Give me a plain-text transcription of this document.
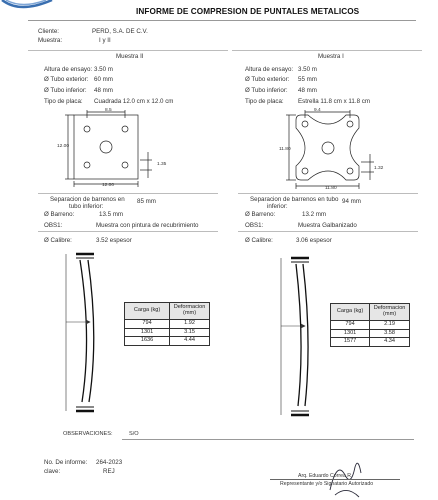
INFORME DE COMPRESION DE PUNTALES METALICOS
Cliente:	PERD, S.A. DE C.V.
Muestra:	I y II
Muestra II	Muestra I
Altura de ensayo: 3.50 m
Ø Tubo exterior: 60 mm
Ø Tubo inferior: 48 mm
Tipo de placa: Cuadrada 12.0 cm x 12.0 cm
Altura de ensayo: 3.50 m
Ø Tubo exterior: 55 mm
Ø Tubo inferior: 48 mm
Tipo de placa: Estrella 11.8 cm x 11.8 cm
8.5
12.00
12.00
1.35
9.4
11.80
11.80
1.32
Separacion de barrenos en
tubo inferior:
85 mm
Ø Barreno:	13.5 mm
OBS1:	Muestra con pintura de recubrimiento
Ø Calibre:	3.52 espesor
Separacion de barrenos en tubo
inferior:
94 mm
Ø Barreno:	13.2 mm
OBS1:	Muestra Galbanizado
Ø Calibre:	3.06 espesor
Carga (kg)	Deformacion (mm)
794	1.92
1301	3.15
1636	4.44
Carga (kg)	Deformacion (mm)
794	2.19
1301	3.58
1577	4.34
OBSERVACIONES:	S/O
No. De informe: 264-2023
clave:	REJ
Arq. Eduardo Correa R.
Representante y/o Signatario Autorizado
